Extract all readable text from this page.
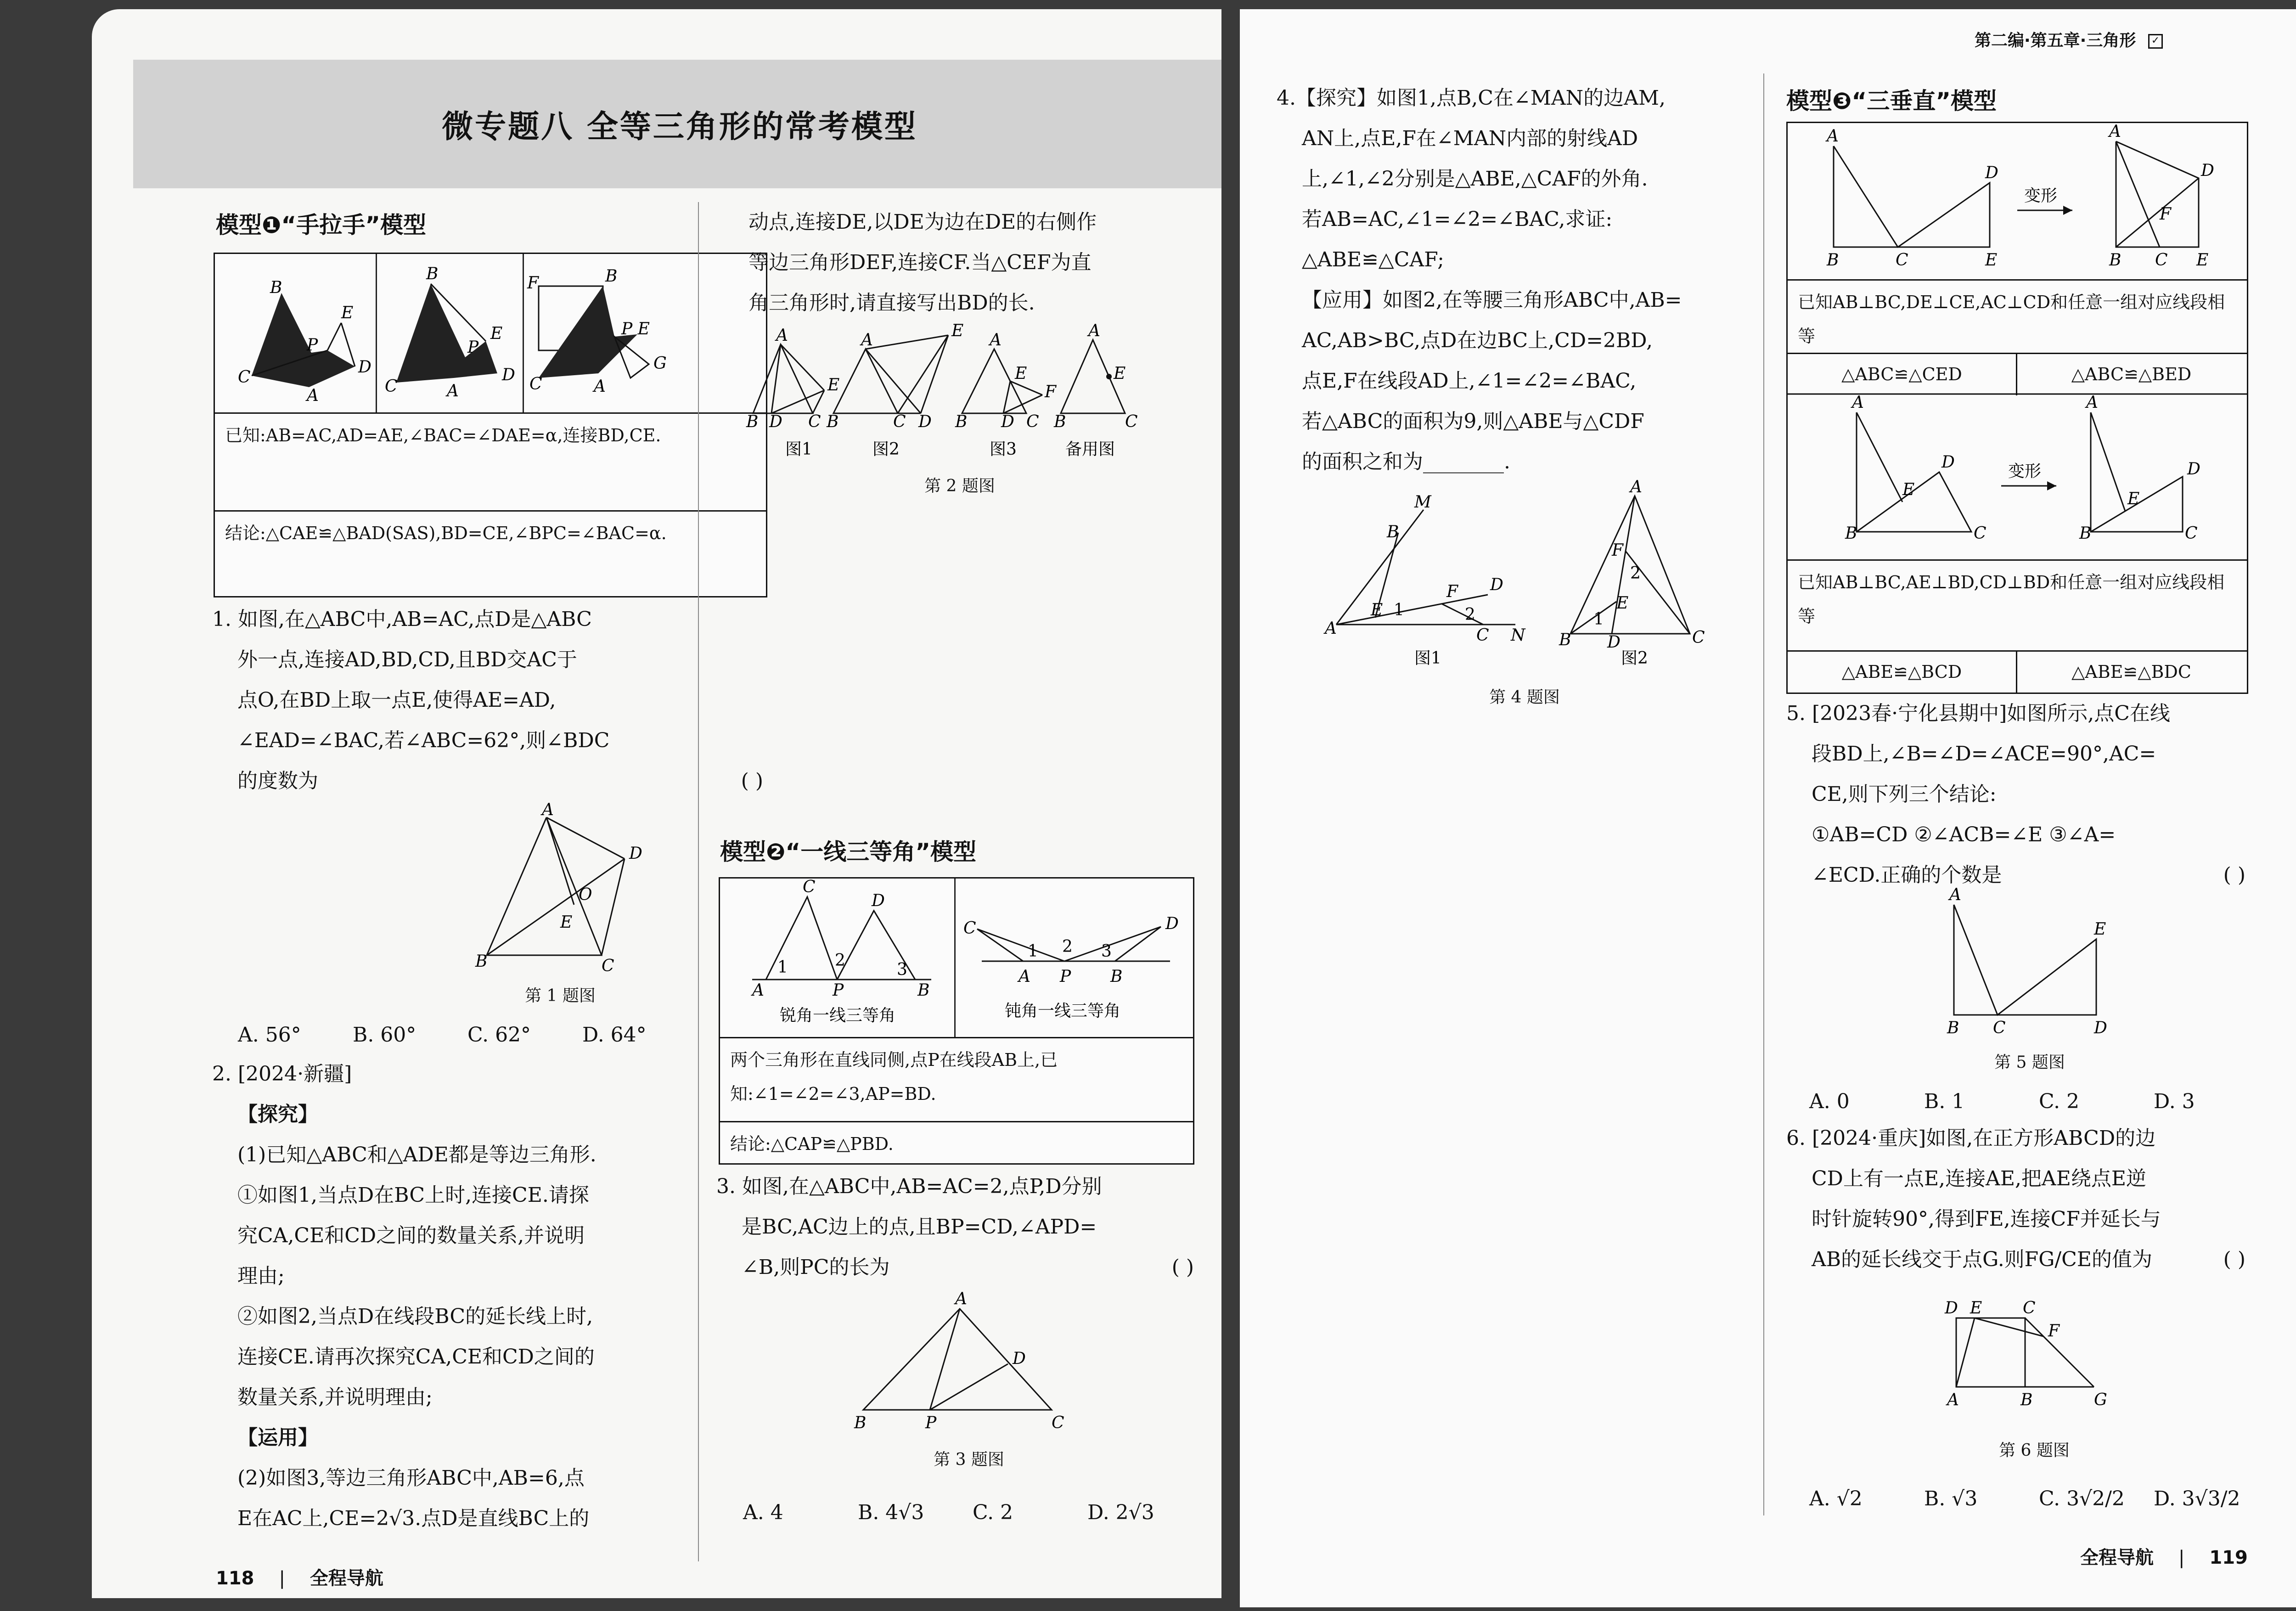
微专题八 全等三角形的常考模型
模型❶“手拉手”模型
B
E
P
C
A
D
B
E
P
C	A
D
F	B
P E
C	A
G
已知:AB=AC,AD=AE,∠BAC=∠DAE=α,连接BD,CE.
结论:△CAE≌△BAD(SAS),BD=CE,∠BPC=∠BAC=α.
1. 如图,在△ABC中,AB=AC,点D是△ABC
外一点,连接AD,BD,CD,且BD交AC于
点O,在BD上取一点E,使得AE=AD,
∠EAD=∠BAC,若∠ABC=62°,则∠BDC
的度数为	( )
A
D
O
E
B	C
第 1 题图
A. 56°	B. 60°	C. 62°	D. 64°
2. [2024·新疆]
【探究】
(1)已知△ABC和△ADE都是等边三角形.
①如图1,当点D在BC上时,连接CE.请探
究CA,CE和CD之间的数量关系,并说明
理由;
②如图2,当点D在线段BC的延长线上时,
连接CE.请再次探究CA,CE和CD之间的
数量关系,并说明理由;
【运用】
(2)如图3,等边三角形ABC中,AB=6,点
E在AC上,CE=2√3.点D是直线BC上的
118 | 全程导航
动点,连接DE,以DE为边在DE的右侧作
等边三角形DEF,连接CF.当△CEF为直
角三角形时,请直接写出BD的长.
A
E
B D C
A	E
B	C D
A
E
F
B D C
A
E
B	C
图1	图2	图3	备用图
第 2 题图
模型❷“一线三等角”模型
C
D
1	2	3
A	P	B
锐角一线三等角
C	D
1 2 3
A P B
钝角一线三等角
两个三角形在直线同侧,点P在线段AB上,已知:∠1=∠2=∠3,AP=BD.
结论:△CAP≌△PBD.
3. 如图,在△ABC中,AB=AC=2,点P,D分别
是BC,AC边上的点,且BP=CD,∠APD=
∠B,则PC的长为	( )
A
D
B	P	C
第 3 题图
A. 4	B. 4√3 C. 2	D. 2√3
第二编·第五章·三角形 ✓
4.【探究】如图1,点B,C在∠MAN的边AM,
AN上,点E,F在∠MAN内部的射线AD
上,∠1,∠2分别是△ABE,△CAF的外角.
若AB=AC,∠1=∠2=∠BAC,求证:
△ABE≌△CAF;
【应用】如图2,在等腰三角形ABC中,AB=
AC,AB>BC,点D在边BC上,CD=2BD,
点E,F在线段AD上,∠1=∠2=∠BAC,
若△ABC的面积为9,则△ABE与△CDF
的面积之和为________.
M
B
D
F
E 1	2
A	C N
图1
A
F
2
E
1
B D	C
图2
第 4 题图
模型❸“三垂直”模型
A
D
B	C	E
变形
A
D
F
B C E
已知AB⊥BC,DE⊥CE,AC⊥CD和任意一组对应线段相等
△ABC≌△CED	△ABC≌△BED
A
D
E
B	C
变形
A
D
E
B	C
已知AB⊥BC,AE⊥BD,CD⊥BD和任意一组对应线段相等
△ABE≌△BCD	△ABE≌△BDC
5. [2023春·宁化县期中]如图所示,点C在线
段BD上,∠B=∠D=∠ACE=90°,AC=
CE,则下列三个结论:
①AB=CD ②∠ACB=∠E ③∠A=
∠ECD.正确的个数是	( )
A
E
B C	D
第 5 题图
A. 0	B. 1	C. 2	D. 3
6. [2024·重庆]如图,在正方形ABCD的边
CD上有一点E,连接AE,把AE绕点E逆
时针旋转90°,得到FE,连接CF并延长与
AB的延长线交于点G.则FG/CE的值为	( )
D E C
F
A	B	G
第 6 题图
A. √2	B. √3	C. 3√2/2 D. 3√3/2
全程导航 | 119
